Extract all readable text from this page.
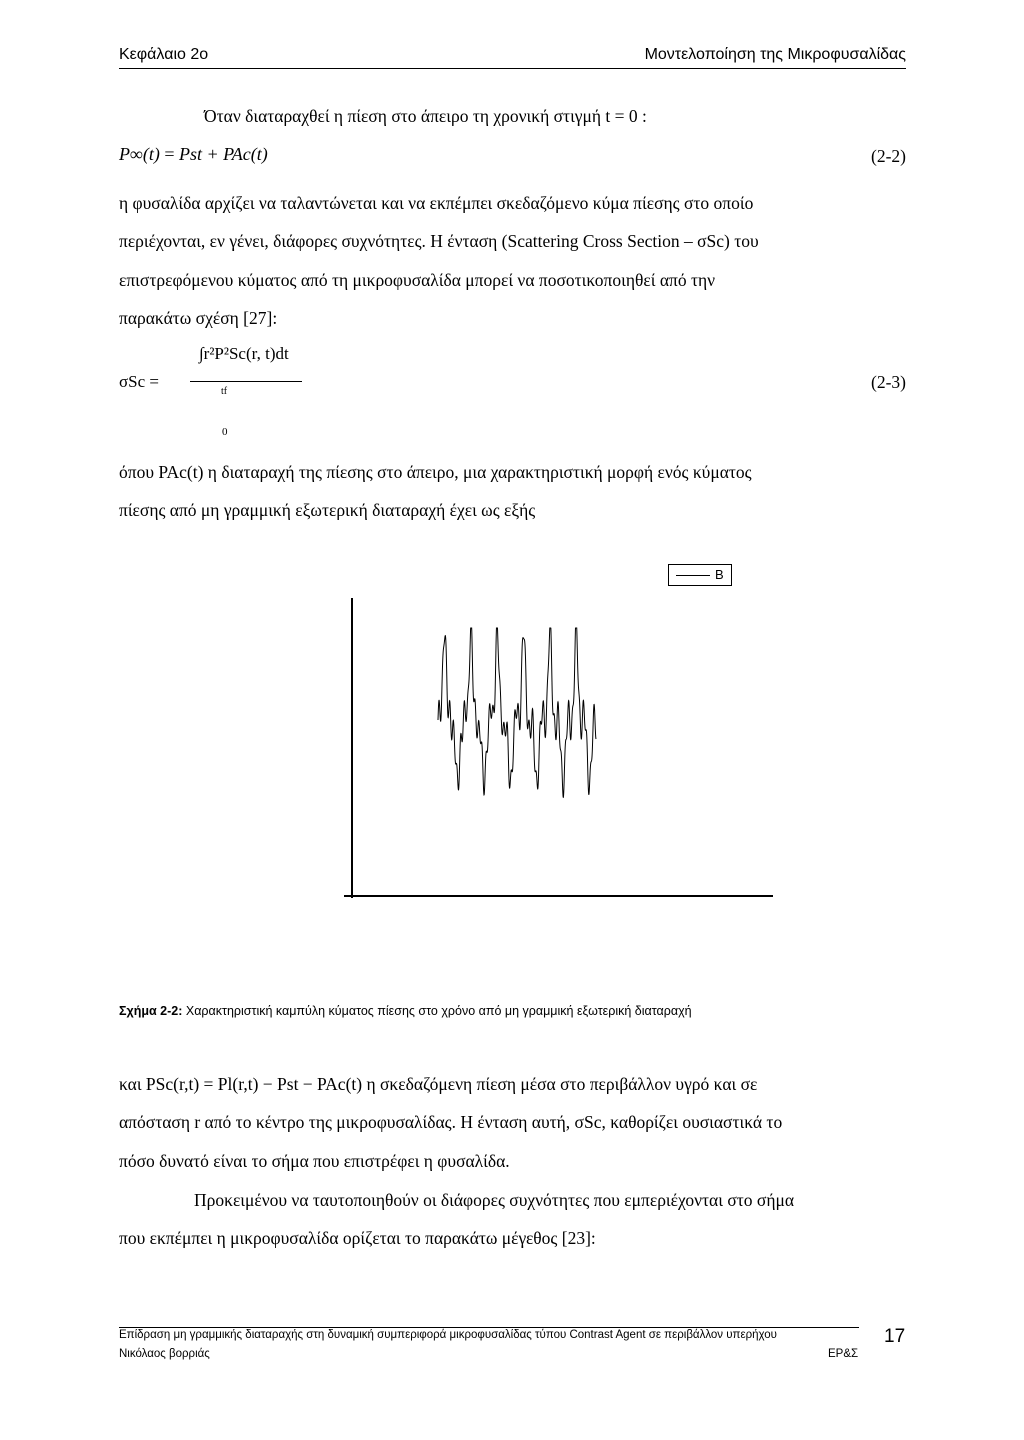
Κεφάλαιο 2ο	Μοντελοποίηση της Μικροφυσαλίδας
Όταν διαταραχθεί η πίεση στο άπειρο τη χρονική στιγμή t = 0 :
P∞(t) = Pst + PAc(t)	(2-2)
η φυσαλίδα αρχίζει να ταλαντώνεται και να εκπέμπει σκεδαζόμενο κύμα πίεσης στο οποίο
περιέχονται, εν γένει, διάφορες συχνότητες. Η ένταση (Scattering Cross Section – σSc) του
επιστρεφόμενου κύματος από τη μικροφυσαλίδα μπορεί να ποσοτικοποιηθεί από την
παρακάτω σχέση [27]:
σSc =
∫r²P²Sc(r, t)dt
tf
0
(2-3)
όπου PAc(t) η διαταραχή της πίεσης στο άπειρο, μια χαρακτηριστική μορφή ενός κύματος
πίεσης από μη γραμμική εξωτερική διαταραχή έχει ως εξής
B
Σχήμα 2-2: Χαρακτηριστική καμπύλη κύματος πίεσης στο χρόνο από μη γραμμική εξωτερική διαταραχή
και PSc(r,t) = Pl(r,t) − Pst − PAc(t) η σκεδαζόμενη πίεση μέσα στο περιβάλλον υγρό και σε
απόσταση r από το κέντρο της μικροφυσαλίδας. Η ένταση αυτή, σSc, καθορίζει ουσιαστικά το
πόσο δυνατό είναι το σήμα που επιστρέφει η φυσαλίδα.
Προκειμένου να ταυτοποιηθούν οι διάφορες συχνότητες που εμπεριέχονται στο σήμα
που εκπέμπει η μικροφυσαλίδα ορίζεται το παρακάτω μέγεθος [23]:
Επίδραση μη γραμμικής διαταραχής στη δυναμική συμπεριφορά μικροφυσαλίδας τύπου Contrast Agent σε περιβάλλον υπερήχου
Νικόλαος βορριάς	ΕΡ&Σ
17
